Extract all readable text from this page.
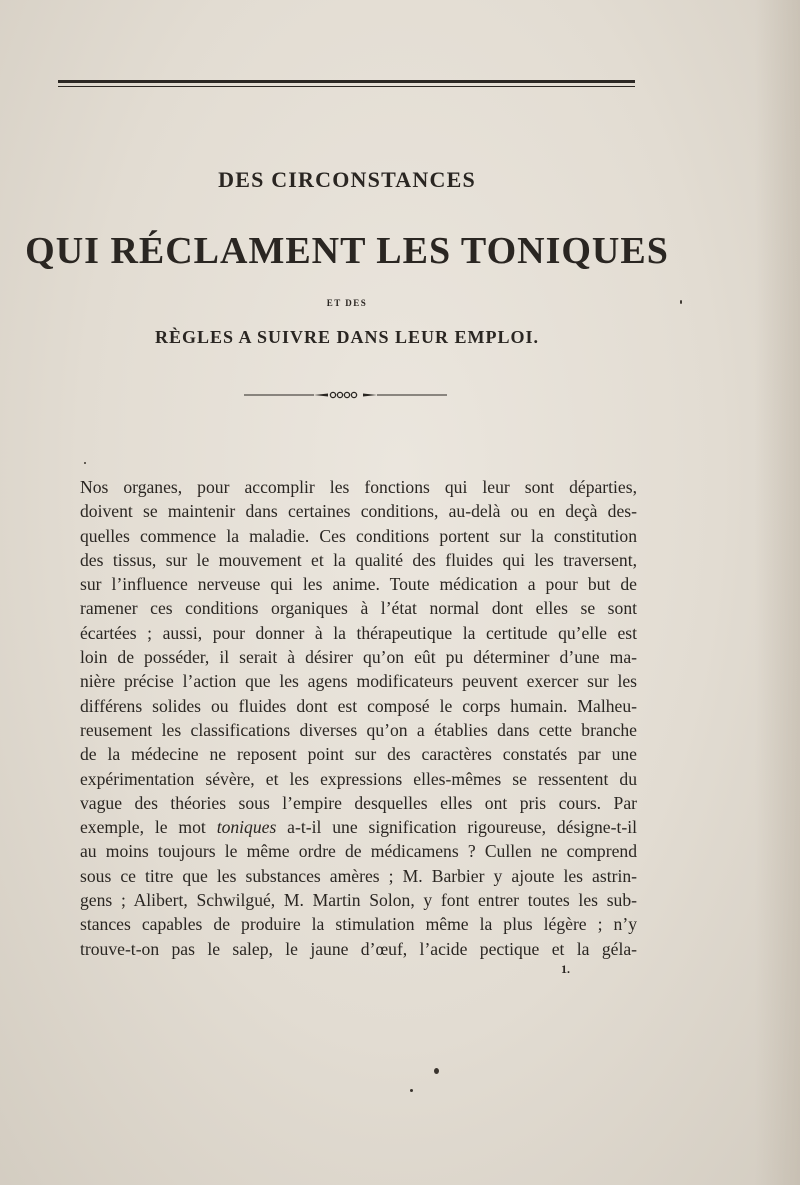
DES CIRCONSTANCES
QUI RÉCLAMENT LES TONIQUES
ET DES
RÈGLES A SUIVRE DANS LEUR EMPLOI.
Nos organes, pour accomplir les fonctions qui leur sont départies,
doivent se maintenir dans certaines conditions, au-delà ou en deçà des-
quelles commence la maladie. Ces conditions portent sur la constitution
des tissus, sur le mouvement et la qualité des fluides qui les traversent,
sur l’influence nerveuse qui les anime. Toute médication a pour but de
ramener ces conditions organiques à l’état normal dont elles se sont
écartées ; aussi, pour donner à la thérapeutique la certitude qu’elle est
loin de posséder, il serait à désirer qu’on eût pu déterminer d’une ma-
nière précise l’action que les agens modificateurs peuvent exercer sur les
différens solides ou fluides dont est composé le corps humain. Malheu-
reusement les classifications diverses qu’on a établies dans cette branche
de la médecine ne reposent point sur des caractères constatés par une
expérimentation sévère, et les expressions elles-mêmes se ressentent du
vague des théories sous l’empire desquelles elles ont pris cours. Par
exemple, le mot toniques a-t-il une signification rigoureuse, désigne-t-il
au moins toujours le même ordre de médicamens ? Cullen ne comprend
sous ce titre que les substances amères ; M. Barbier y ajoute les astrin-
gens ; Alibert, Schwilgué, M. Martin Solon, y font entrer toutes les sub-
stances capables de produire la stimulation même la plus légère ; n’y
trouve-t-on pas le salep, le jaune d’œuf, l’acide pectique et la géla-
1.
